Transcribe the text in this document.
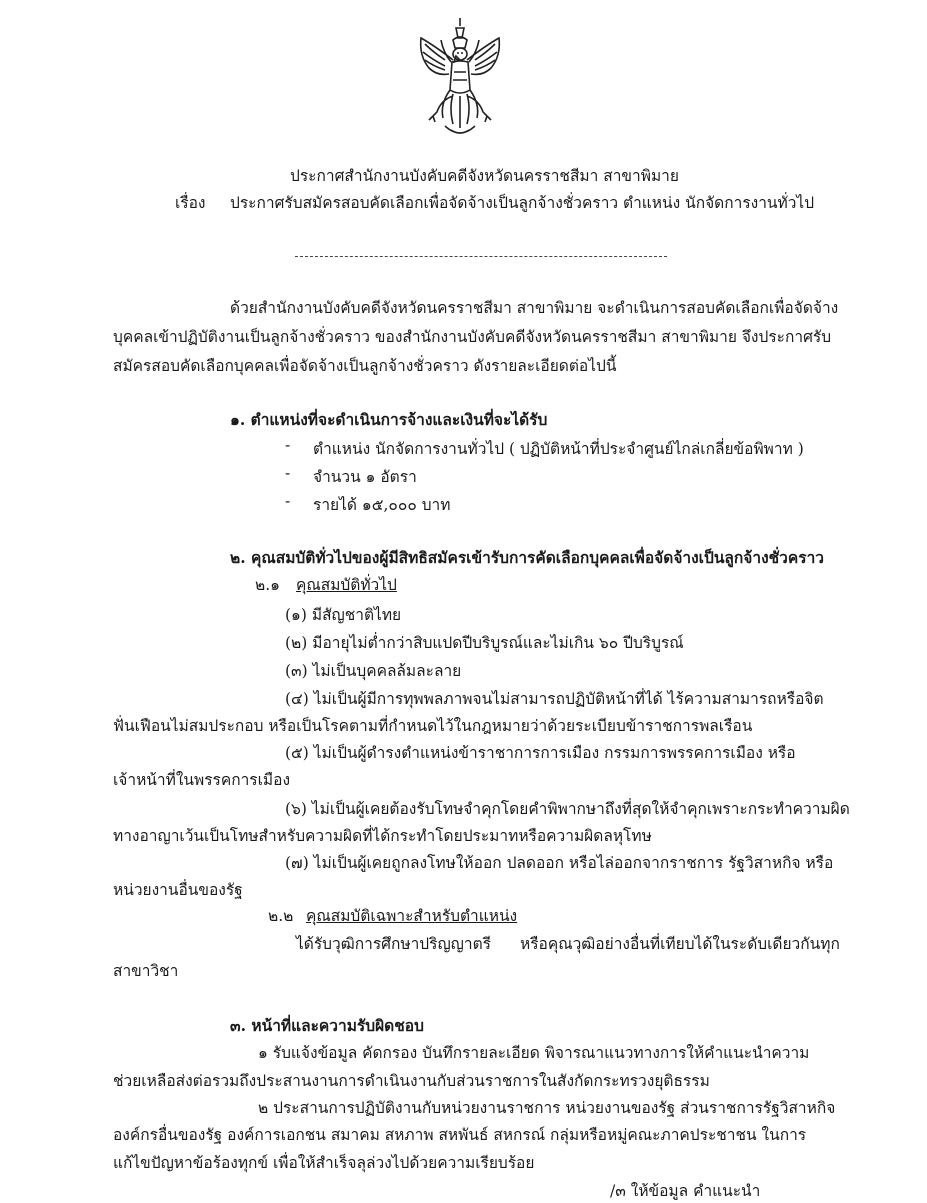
ประกาศสำนักงานบังคับคดีจังหวัดนครราชสีมา สาขาพิมาย
เรื่อง ประกาศรับสมัครสอบคัดเลือกเพื่อจัดจ้างเป็นลูกจ้างชั่วคราว ตำแหน่ง นักจัดการงานทั่วไป
ด้วยสำนักงานบังคับคดีจังหวัดนครราชสีมา สาขาพิมาย จะดำเนินการสอบคัดเลือกเพื่อจัดจ้าง
บุคคลเข้าปฏิบัติงานเป็นลูกจ้างชั่วคราว ของสำนักงานบังคับคดีจังหวัดนครราชสีมา สาขาพิมาย จึงประกาศรับ
สมัครสอบคัดเลือกบุคคลเพื่อจัดจ้างเป็นลูกจ้างชั่วคราว ดังรายละเอียดต่อไปนี้
๑. ตำแหน่งที่จะดำเนินการจ้างและเงินที่จะได้รับ
- ตำแหน่ง นักจัดการงานทั่วไป ( ปฏิบัติหน้าที่ประจำศูนย์ไกล่เกลี่ยข้อพิพาท )
- จำนวน ๑ อัตรา
- รายได้ ๑๕,๐๐๐ บาท
๒. คุณสมบัติทั่วไปของผู้มีสิทธิสมัครเข้ารับการคัดเลือกบุคคลเพื่อจัดจ้างเป็นลูกจ้างชั่วคราว
๒.๑ คุณสมบัติทั่วไป
(๑) มีสัญชาติไทย
(๒) มีอายุไม่ต่ำกว่าสิบแปดปีบริบูรณ์และไม่เกิน ๖๐ ปีบริบูรณ์
(๓) ไม่เป็นบุคคลล้มละลาย
(๔) ไม่เป็นผู้มีการทุพพลภาพจนไม่สามารถปฏิบัติหน้าที่ได้ ไร้ความสามารถหรือจิต
ฟั่นเฟือนไม่สมประกอบ หรือเป็นโรคตามที่กำหนดไว้ในกฎหมายว่าด้วยระเบียบข้าราชการพลเรือน
(๕) ไม่เป็นผู้ดำรงตำแหน่งข้าราชาการการเมือง กรรมการพรรคการเมือง หรือ
เจ้าหน้าที่ในพรรคการเมือง
(๖) ไม่เป็นผู้เคยต้องรับโทษจำคุกโดยคำพิพากษาถึงที่สุดให้จำคุกเพราะกระทำความผิด
ทางอาญาเว้นเป็นโทษสำหรับความผิดที่ได้กระทำโดยประมาทหรือความผิดลหุโทษ
(๗) ไม่เป็นผู้เคยถูกลงโทษให้ออก ปลดออก หรือไล่ออกจากราชการ รัฐวิสาหกิจ หรือ
หน่วยงานอื่นของรัฐ
๒.๒ คุณสมบัติเฉพาะสำหรับตำแหน่ง
ได้รับวุฒิการศึกษาปริญญาตรี หรือคุณวุฒิอย่างอื่นที่เทียบได้ในระดับเดียวกันทุก
สาขาวิชา
๓. หน้าที่และความรับผิดชอบ
๑ รับแจ้งข้อมูล คัดกรอง บันทึกรายละเอียด พิจารณาแนวทางการให้คำแนะนำความ
ช่วยเหลือส่งต่อรวมถึงประสานงานการดำเนินงานกับส่วนราชการในสังกัดกระทรวงยุติธรรม
๒ ประสานการปฏิบัติงานกับหน่วยงานราชการ หน่วยงานของรัฐ ส่วนราชการรัฐวิสาหกิจ
องค์กรอื่นของรัฐ องค์การเอกชน สมาคม สหภาพ สหพันธ์ สหกรณ์ กลุ่มหรือหมู่คณะภาคประชาชน ในการ
แก้ไขปัญหาข้อร้องทุกข์ เพื่อให้สำเร็จลุล่วงไปด้วยความเรียบร้อย
/๓ ให้ข้อมูล คำแนะนำ
